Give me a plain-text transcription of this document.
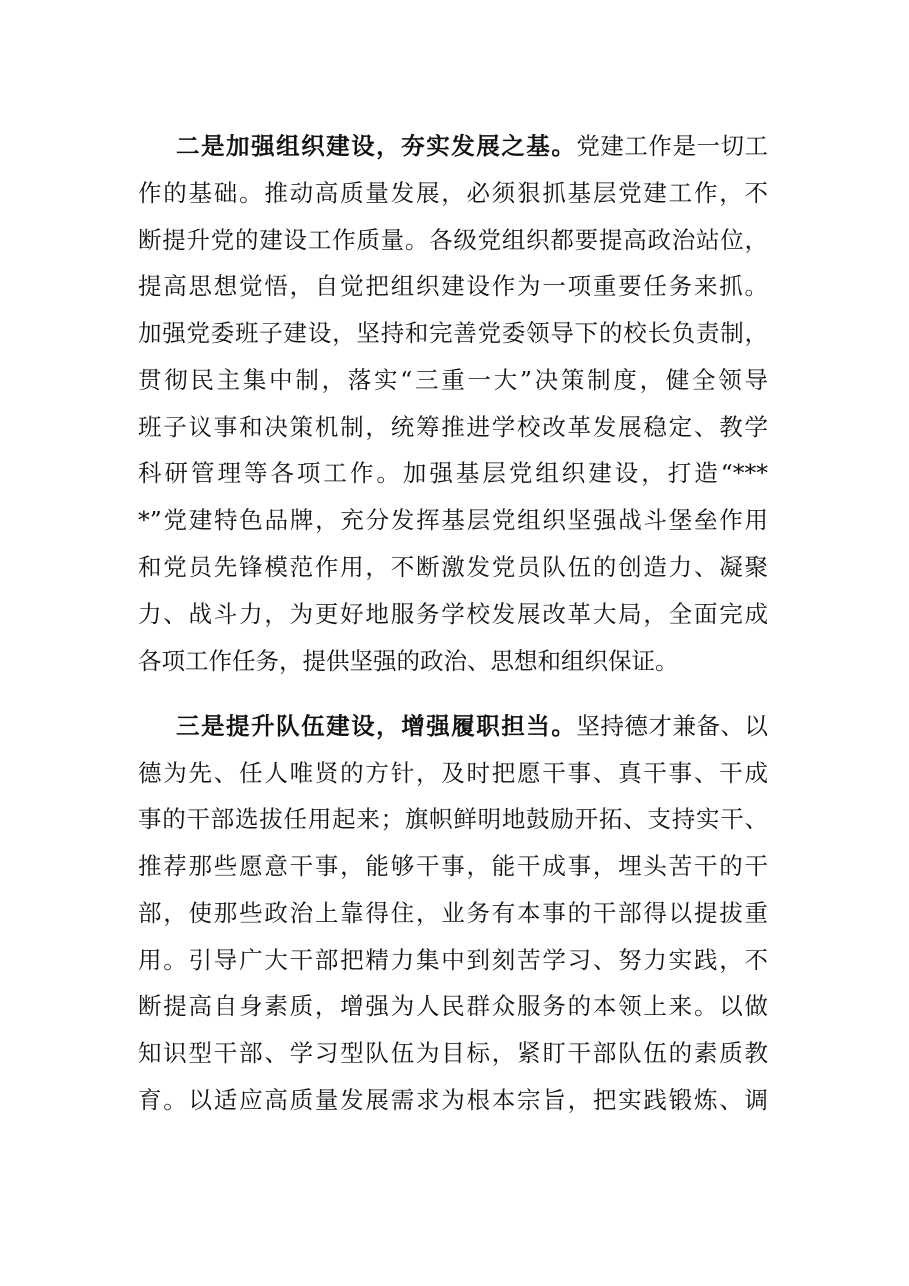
二是加强组织建设，夯实发展之基。党建工作是一切工
作的基础。推动高质量发展，必须狠抓基层党建工作，不
断提升党的建设工作质量。各级党组织都要提高政治站位，
提高思想觉悟，自觉把组织建设作为一项重要任务来抓。
加强党委班子建设，坚持和完善党委领导下的校长负责制，
贯彻民主集中制，落实“三重一大”决策制度，健全领导
班子议事和决策机制，统筹推进学校改革发展稳定、教学
科研管理等各项工作。加强基层党组织建设，打造“***
*”党建特色品牌，充分发挥基层党组织坚强战斗堡垒作用
和党员先锋模范作用，不断激发党员队伍的创造力、凝聚
力、战斗力，为更好地服务学校发展改革大局，全面完成
各项工作任务，提供坚强的政治、思想和组织保证。
三是提升队伍建设，增强履职担当。坚持德才兼备、以
德为先、任人唯贤的方针，及时把愿干事、真干事、干成
事的干部选拔任用起来；旗帜鲜明地鼓励开拓、支持实干、
推荐那些愿意干事，能够干事，能干成事，埋头苦干的干
部，使那些政治上靠得住，业务有本事的干部得以提拔重
用。引导广大干部把精力集中到刻苦学习、努力实践，不
断提高自身素质，增强为人民群众服务的本领上来。以做
知识型干部、学习型队伍为目标，紧盯干部队伍的素质教
育。以适应高质量发展需求为根本宗旨，把实践锻炼、调
